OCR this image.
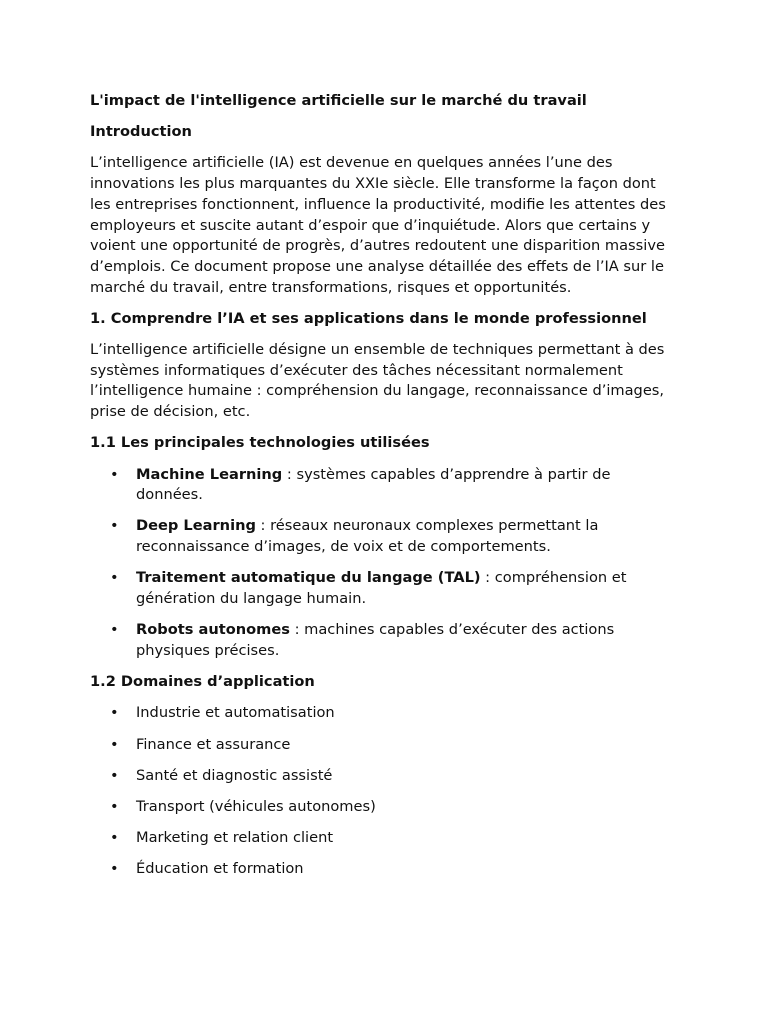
L'impact de l'intelligence artificielle sur le marché du travail

Introduction

L’intelligence artificielle (IA) est devenue en quelques années l’une des innovations les plus marquantes du XXIe siècle. Elle transforme la façon dont les entreprises fonctionnent, influence la productivité, modifie les attentes des employeurs et suscite autant d’espoir que d’inquiétude. Alors que certains y voient une opportunité de progrès, d’autres redoutent une disparition massive d’emplois. Ce document propose une analyse détaillée des effets de l’IA sur le marché du travail, entre transformations, risques et opportunités.

1. Comprendre l’IA et ses applications dans le monde professionnel

L’intelligence artificielle désigne un ensemble de techniques permettant à des systèmes informatiques d’exécuter des tâches nécessitant normalement l’intelligence humaine : compréhension du langage, reconnaissance d’images, prise de décision, etc.

1.1 Les principales technologies utilisées

• Machine Learning : systèmes capables d’apprendre à partir de données.
• Deep Learning : réseaux neuronaux complexes permettant la reconnaissance d’images, de voix et de comportements.
• Traitement automatique du langage (TAL) : compréhension et génération du langage humain.
• Robots autonomes : machines capables d’exécuter des actions physiques précises.

1.2 Domaines d’application

• Industrie et automatisation
• Finance et assurance
• Santé et diagnostic assisté
• Transport (véhicules autonomes)
• Marketing et relation client
• Éducation et formation
